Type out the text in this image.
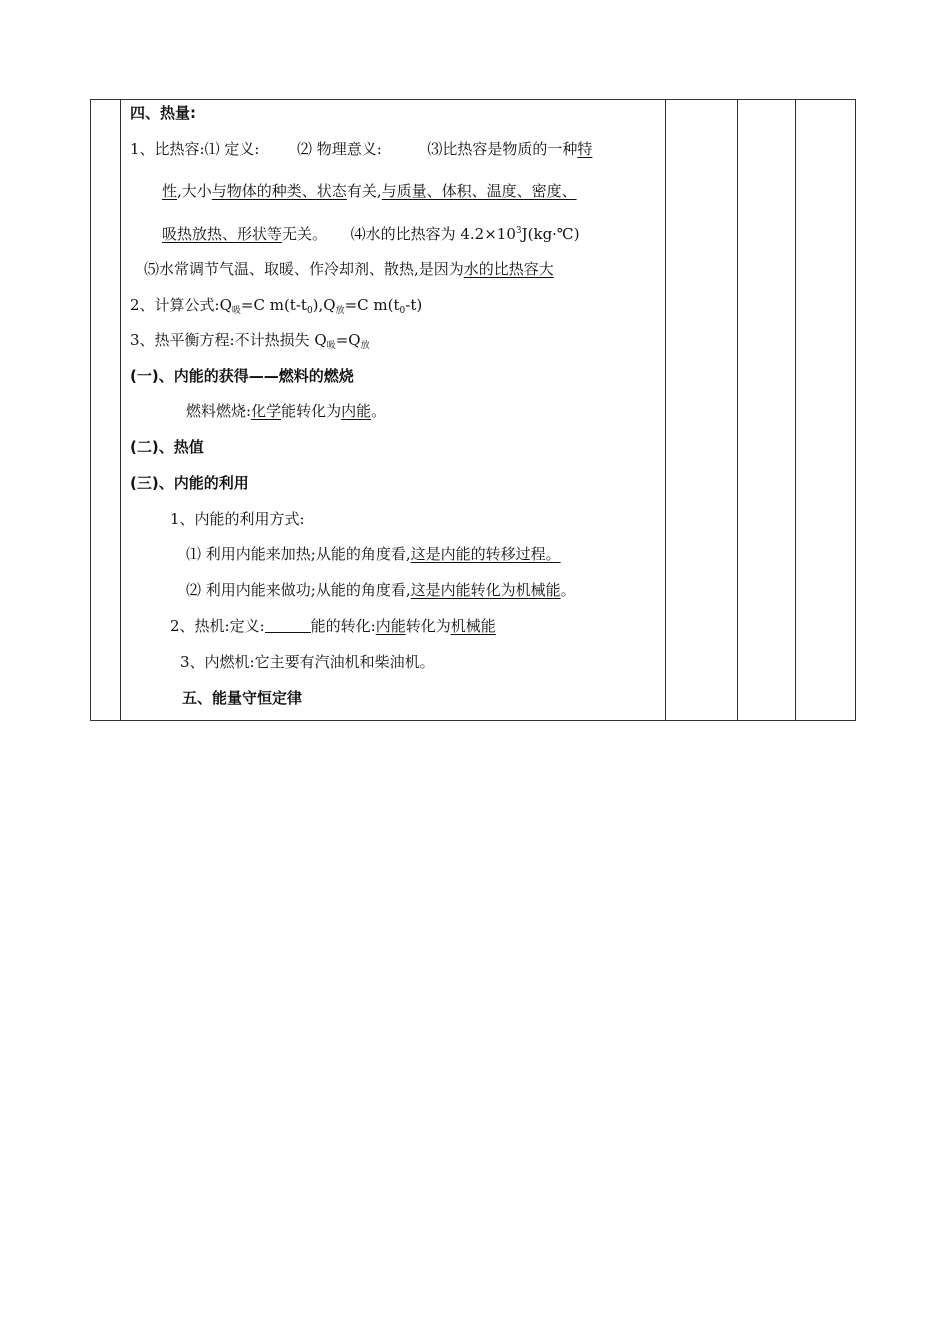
四、热量:
1、比热容:⑴ 定义:	⑵ 物理意义:	⑶比热容是物质的一种特
性,大小与物体的种类、状态有关,与质量、体积、温度、密度、
吸热放热、形状等无关。 ⑷水的比热容为 $4.2\times 10^3J(kg\cdot℃)$
⑸水常调节气温、取暖、作冷却剂、散热,是因为水的比热容大
2、计算公式$:Q_吸=C$ $m(t-t_0),Q_放=C$ $m(t_0-t)$
3、热平衡方程:不计热损失 $Q_吸=Q_放$
(一)、内能的获得——燃料的燃烧
燃料燃烧:化学能转化为内能。
(二)、热值
(三)、内能的利用
1、内能的利用方式:
⑴ 利用内能来加热;从能的角度看,这是内能的转移过程。
⑵ 利用内能来做功;从能的角度看,这是内能转化为机械能。
2、热机:定义:	能的转化:内能转化为机械能
3、内燃机:它主要有汽油机和柴油机。
五、能量守恒定律
